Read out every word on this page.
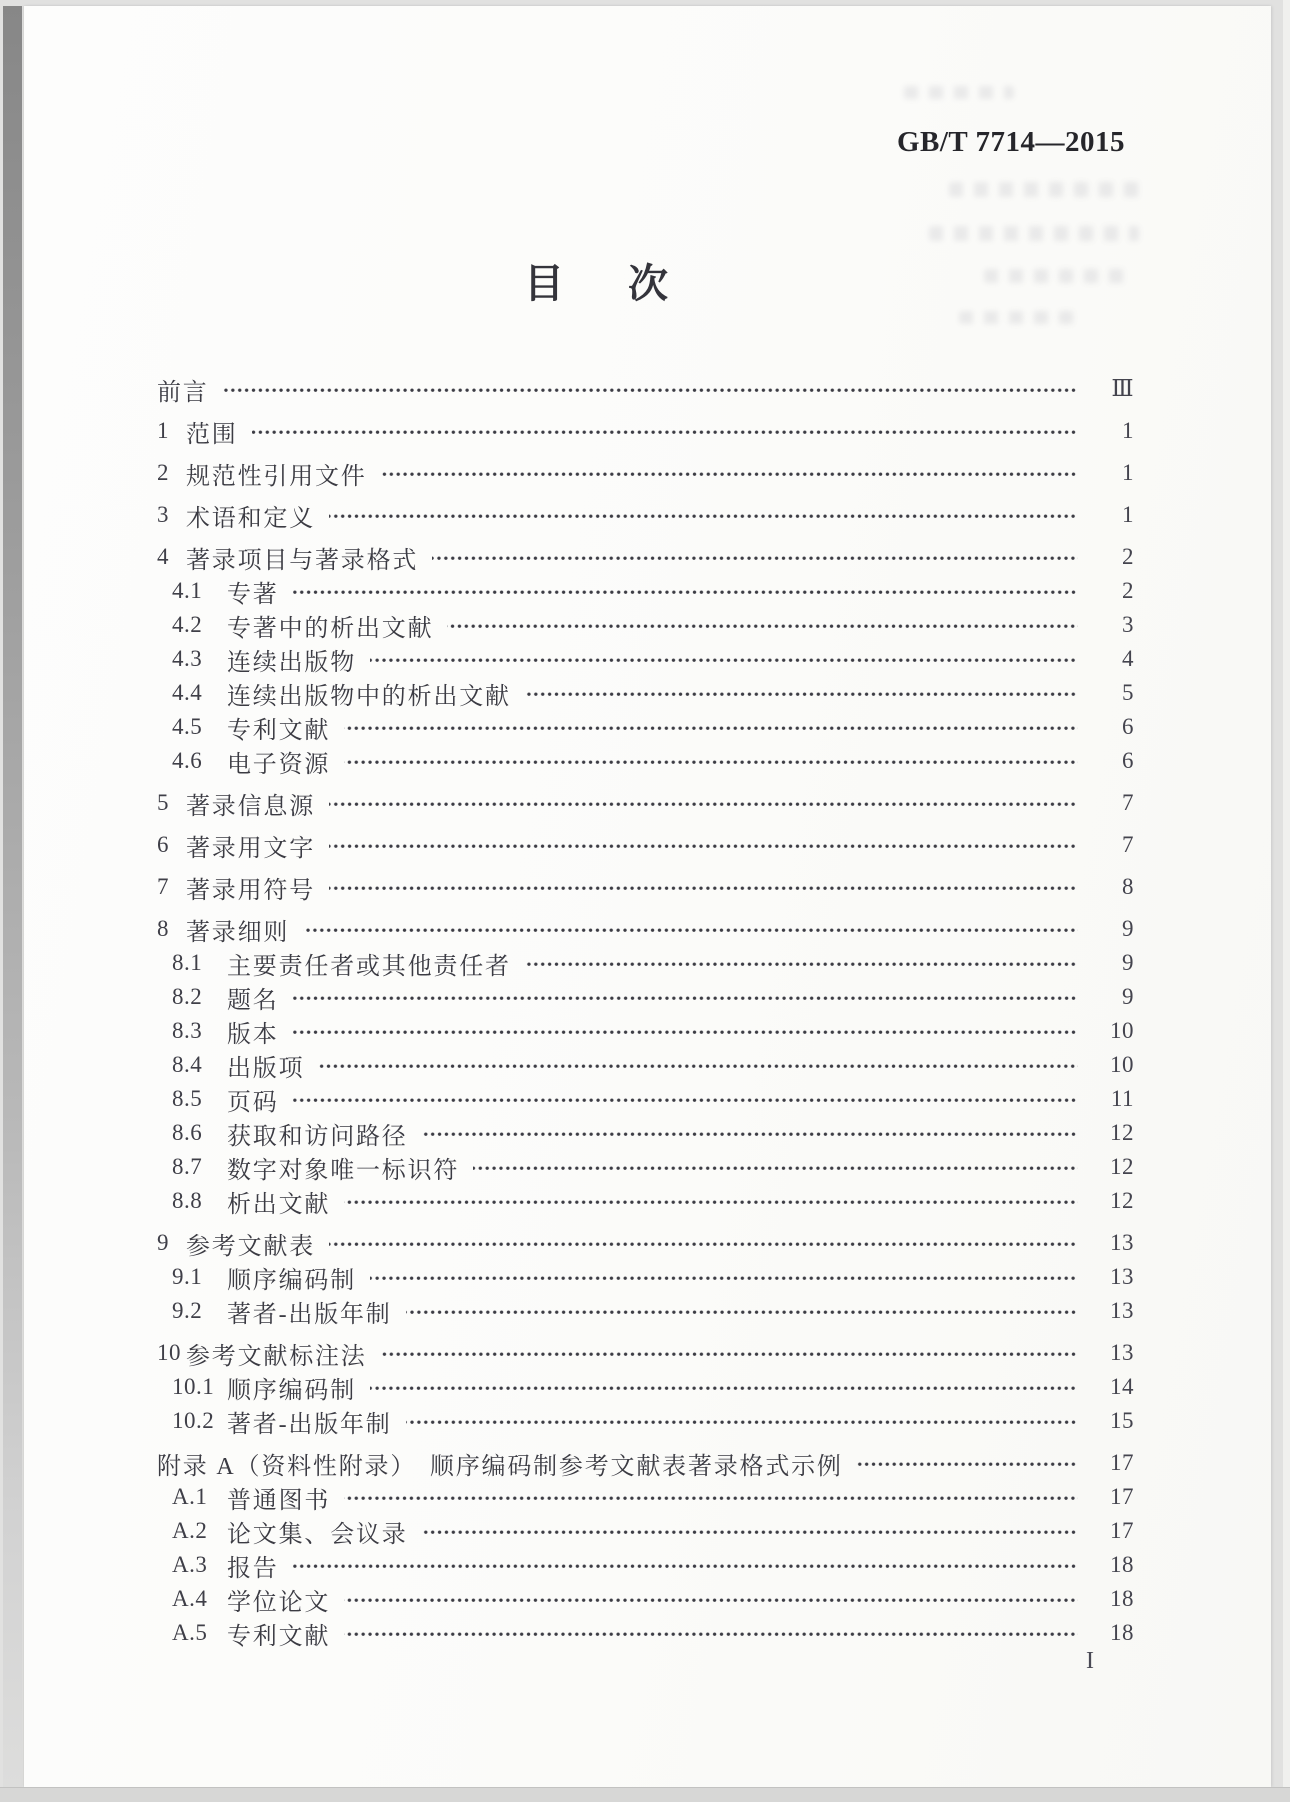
GB/T 7714—2015
目 次
前言	Ⅲ
1 范围	1
2 规范性引用文件	1
3 术语和定义	1
4 著录项目与著录格式	2
4.1	专著	2
4.2	专著中的析出文献	3
4.3	连续出版物	4
4.4	连续出版物中的析出文献	5
4.5	专利文献	6
4.6	电子资源	6
5 著录信息源	7
6 著录用文字	7
7 著录用符号	8
8 著录细则	9
8.1	主要责任者或其他责任者	9
8.2	题名	9
8.3	版本	10
8.4	出版项	10
8.5	页码	11
8.6	获取和访问路径	12
8.7	数字对象唯一标识符	12
8.8	析出文献	12
9 参考文献表	13
9.1	顺序编码制	13
9.2	著者-出版年制	13
10 参考文献标注法	13
10.1 顺序编码制	14
10.2 著者-出版年制	15
附录 A（资料性附录）　顺序编码制参考文献表著录格式示例	17
A.1 普通图书	17
A.2 论文集、会议录	17
A.3 报告	18
A.4 学位论文	18
A.5 专利文献	18
I
